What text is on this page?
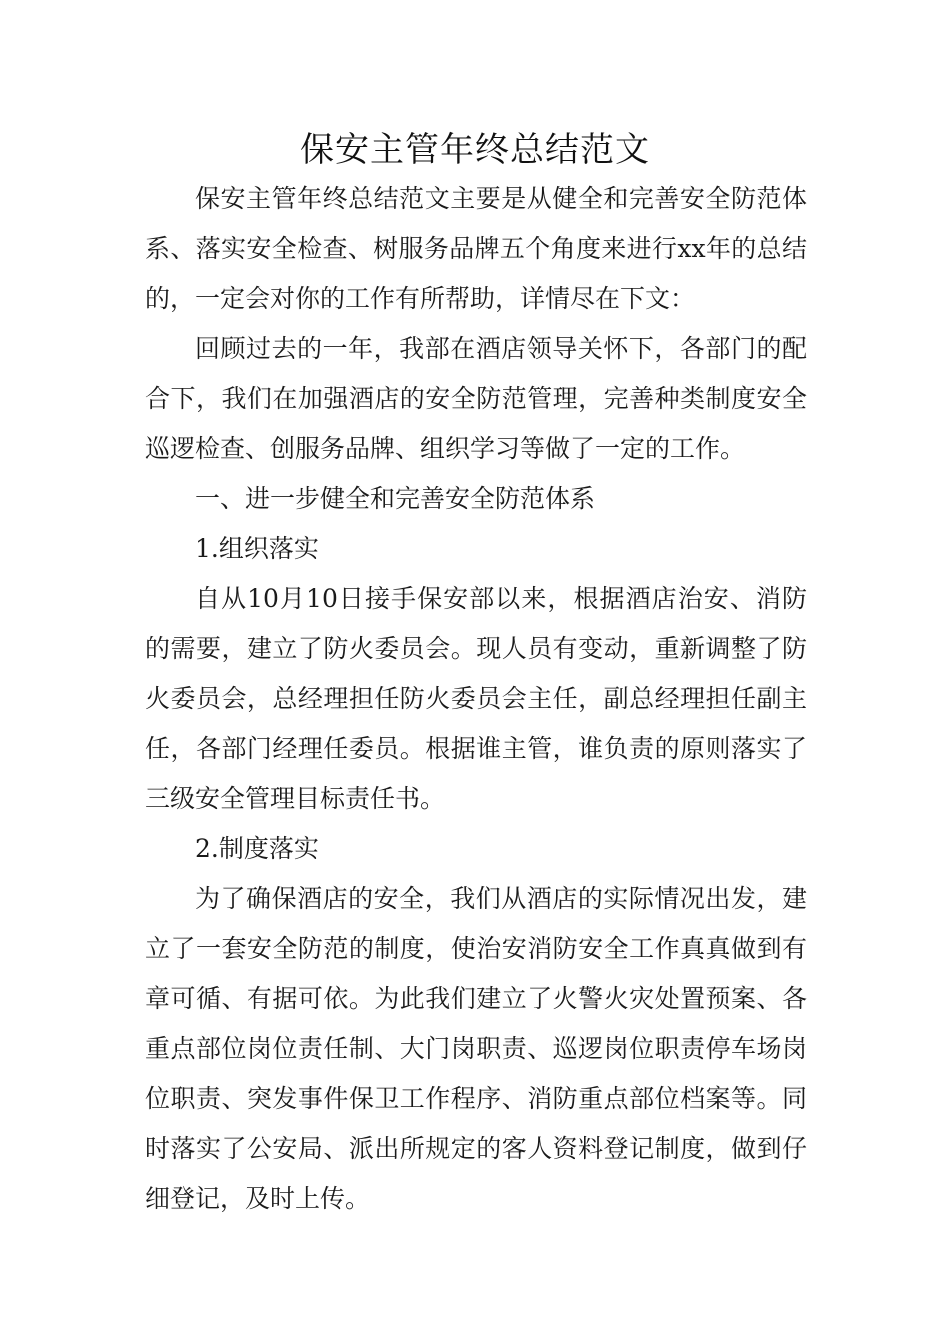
保安主管年终总结范文

保安主管年终总结范文主要是从健全和完善安全防范体系、落实安全检查、树服务品牌五个角度来进行xx年的总结的，一定会对你的工作有所帮助，详情尽在下文：

回顾过去的一年，我部在酒店领导关怀下，各部门的配合下，我们在加强酒店的安全防范管理，完善种类制度安全巡逻检查、创服务品牌、组织学习等做了一定的工作。

一、进一步健全和完善安全防范体系

1.组织落实

自从10月10日接手保安部以来，根据酒店治安、消防的需要，建立了防火委员会。现人员有变动，重新调整了防火委员会，总经理担任防火委员会主任，副总经理担任副主任，各部门经理任委员。根据谁主管，谁负责的原则落实了三级安全管理目标责任书。

2.制度落实

为了确保酒店的安全，我们从酒店的实际情况出发，建立了一套安全防范的制度，使治安消防安全工作真真做到有章可循、有据可依。为此我们建立了火警火灾处置预案、各重点部位岗位责任制、大门岗职责、巡逻岗位职责停车场岗位职责、突发事件保卫工作程序、消防重点部位档案等。同时落实了公安局、派出所规定的客人资料登记制度，做到仔细登记，及时上传。
